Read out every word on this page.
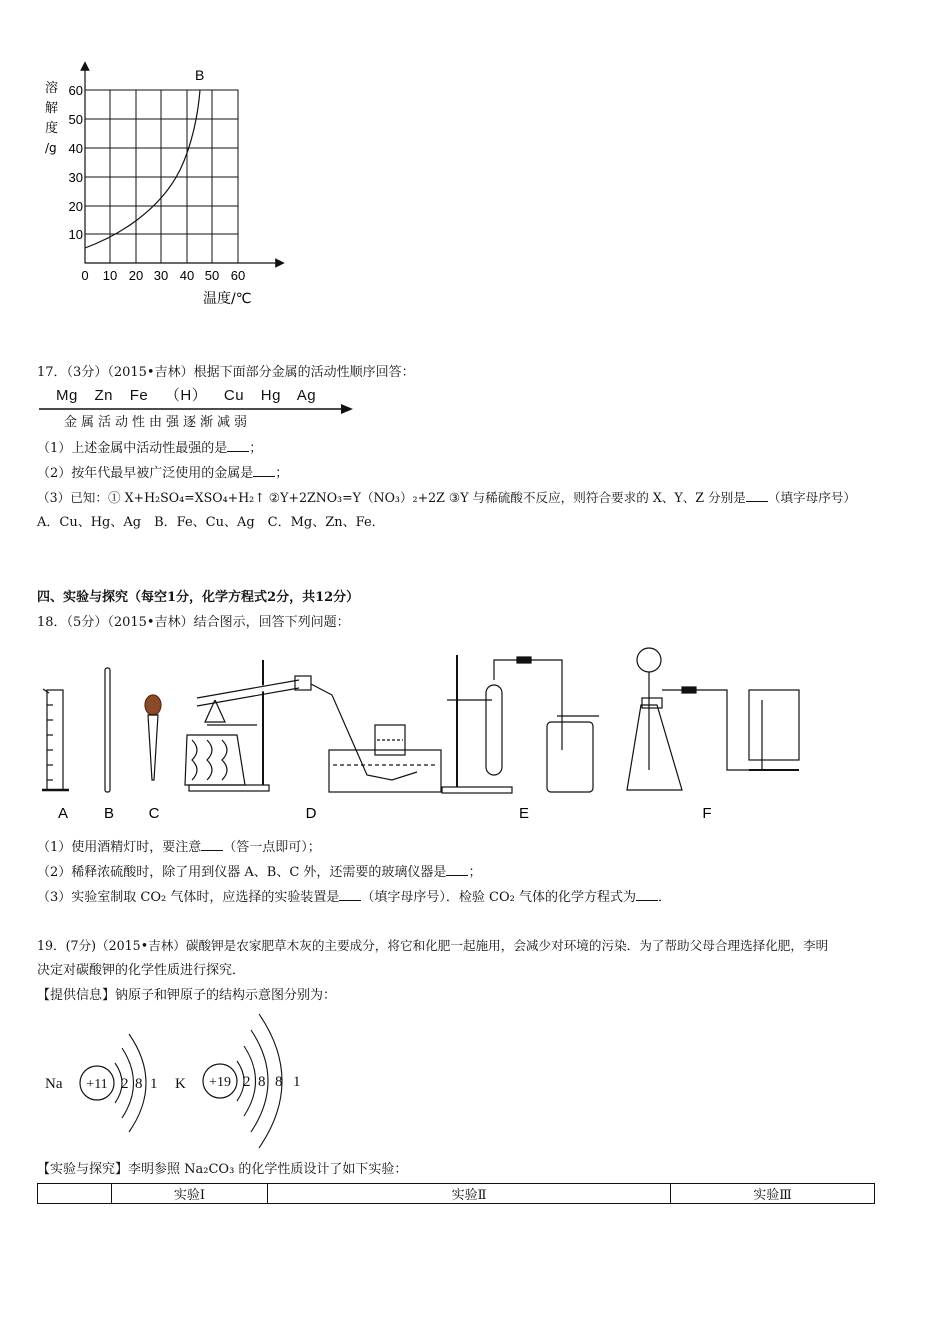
B
溶
解
度
/g
60
50
40
30
20
10
0 10 20 30 40 50 60
温度/℃
17．（3分）（2015•吉林）根据下面部分金属的活动性顺序回答：
Mg Zn Fe （H） Cu Hg Ag
金属活动性由强逐渐减弱
（1）上述金属中活动性最强的是 ；
（2）按年代最早被广泛使用的金属是 ；
（3）已知：① X+H₂SO₄=XSO₄+H₂↑ ②Y+2ZNO₃=Y（NO₃）₂+2Z ③Y 与稀硫酸不反应，则符合要求的 X、Y、Z 分别是 （填字母序号）
A．Cu、Hg、Ag　B．Fe、Cu、Ag　C．Mg、Zn、Fe．
四、实验与探究（每空1分，化学方程式2分，共12分）
18．（5分）（2015•吉林）结合图示，回答下列问题：
A B C	D	E	F
（1）使用酒精灯时，要注意 （答一点即可）；
（2）稀释浓硫酸时，除了用到仪器 A、B、C 外，还需要的玻璃仪器是 ；
（3）实验室制取 CO₂ 气体时，应选择的实验装置是 （填字母序号）．检验 CO₂ 气体的化学方程式为 ．
19．(7分)（2015•吉林）碳酸钾是农家肥草木灰的主要成分，将它和化肥一起施用，会减少对环境的污染．为了帮助父母合理选择化肥，李明
决定对碳酸钾的化学性质进行探究．
【提供信息】钠原子和钾原子的结构示意图分别为：
Na +11 2 8 1 K +19 2 8 8 1
【实验与探究】李明参照 Na₂CO₃ 的化学性质设计了如下实验：
	实验Ⅰ	实验Ⅱ	实验Ⅲ
